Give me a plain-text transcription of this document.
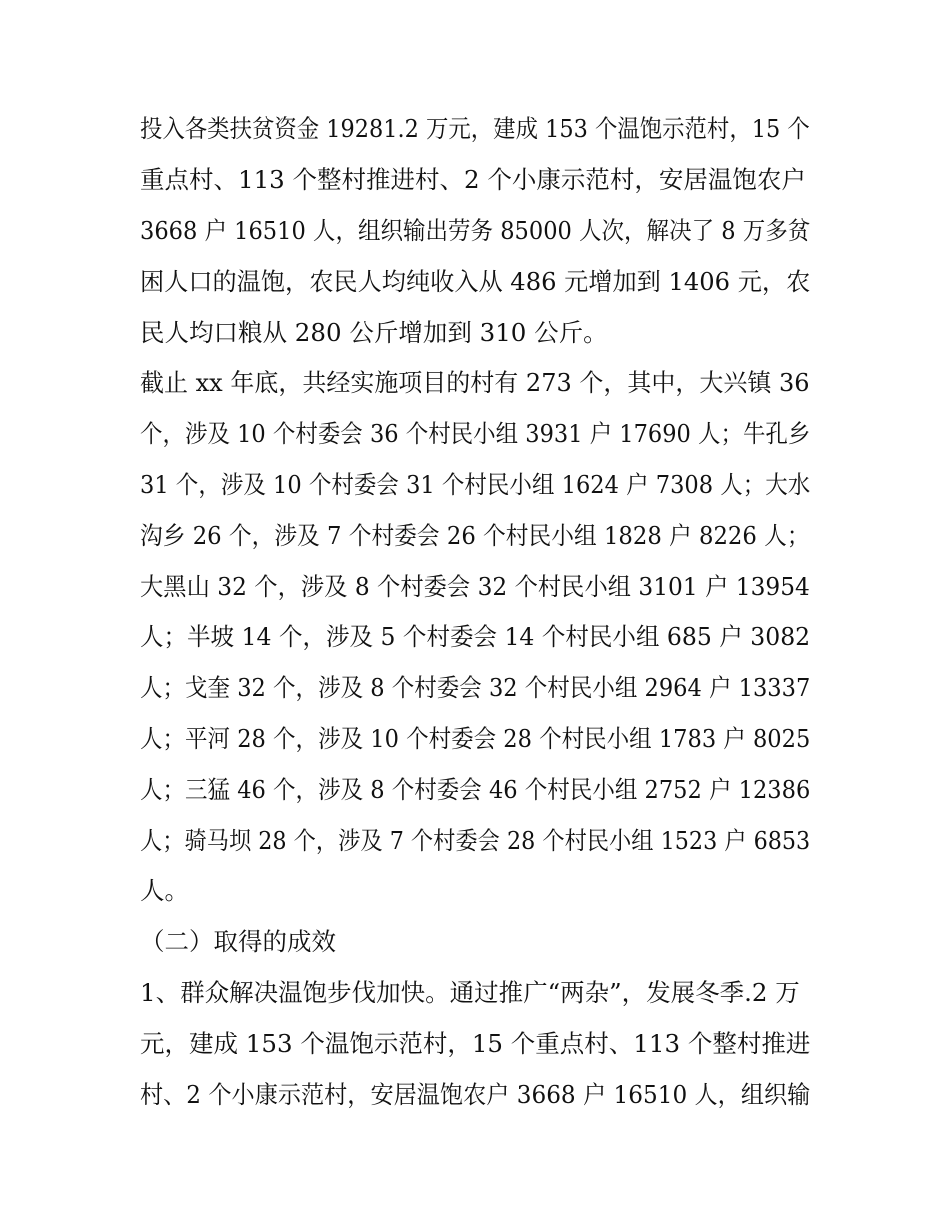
投入各类扶贫资金 19281.2 万元，建成 153 个温饱示范村，15 个
重点村、113 个整村推进村、2 个小康示范村，安居温饱农户
3668 户 16510 人，组织输出劳务 85000 人次，解决了 8 万多贫
困人口的温饱，农民人均纯收入从 486 元增加到 1406 元，农
民人均口粮从 280 公斤增加到 310 公斤。
截止 xx 年底，共经实施项目的村有 273 个，其中，大兴镇 36
个，涉及 10 个村委会 36 个村民小组 3931 户 17690 人；牛孔乡
31 个，涉及 10 个村委会 31 个村民小组 1624 户 7308 人；大水
沟乡 26 个，涉及 7 个村委会 26 个村民小组 1828 户 8226 人；
大黑山 32 个，涉及 8 个村委会 32 个村民小组 3101 户 13954
人；半坡 14 个，涉及 5 个村委会 14 个村民小组 685 户 3082
人；戈奎 32 个，涉及 8 个村委会 32 个村民小组 2964 户 13337
人；平河 28 个，涉及 10 个村委会 28 个村民小组 1783 户 8025
人；三猛 46 个，涉及 8 个村委会 46 个村民小组 2752 户 12386
人；骑马坝 28 个，涉及 7 个村委会 28 个村民小组 1523 户 6853
人。
（二）取得的成效
1、群众解决温饱步伐加快。通过推广“两杂”，发展冬季.2 万
元，建成 153 个温饱示范村，15 个重点村、113 个整村推进
村、2 个小康示范村，安居温饱农户 3668 户 16510 人，组织输
